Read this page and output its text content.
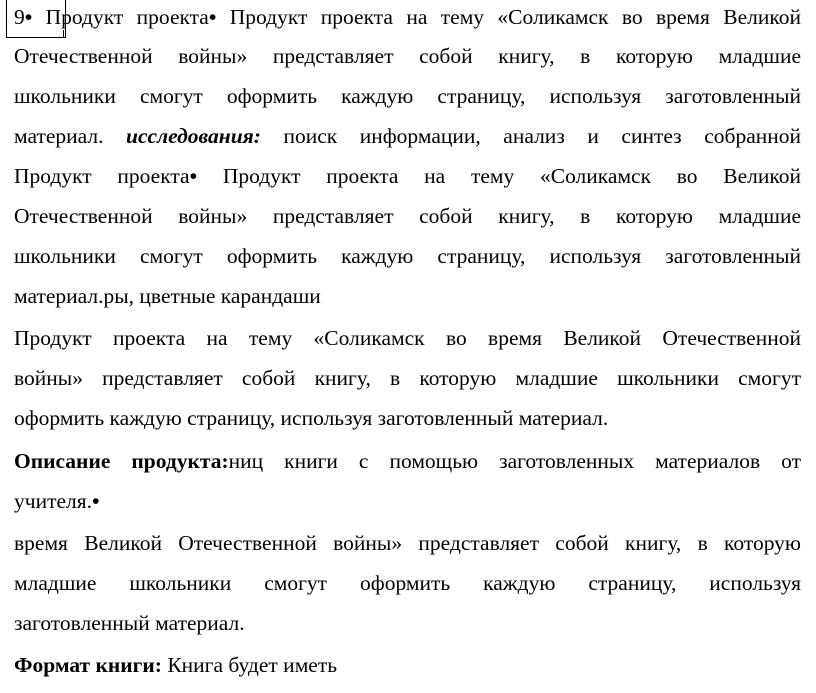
9• Продукт проекта• Продукт проекта на тему «Соликамск во время Великой
Отечественной войны» представляет собой книгу, в которую младшие
школьники смогут оформить каждую страницу, используя заготовленный
материал. исследования: поиск информации, анализ и синтез собранной
Продукт проекта• Продукт проекта на тему «Соликамск во Великой
Отечественной войны» представляет собой книгу, в которую младшие
школьники смогут оформить каждую страницу, используя заготовленный
материал.ры, цветные карандаши
Продукт проекта на тему «Соликамск во время Великой Отечественной
войны» представляет собой книгу, в которую младшие школьники смогут
оформить каждую страницу, используя заготовленный материал.
Описание продукта:ниц книги с помощью заготовленных материалов от
учителя.•
время Великой Отечественной войны» представляет собой книгу, в которую
младшие школьники смогут оформить каждую страницу, используя
заготовленный материал.
Формат книги: Книга будет иметь
